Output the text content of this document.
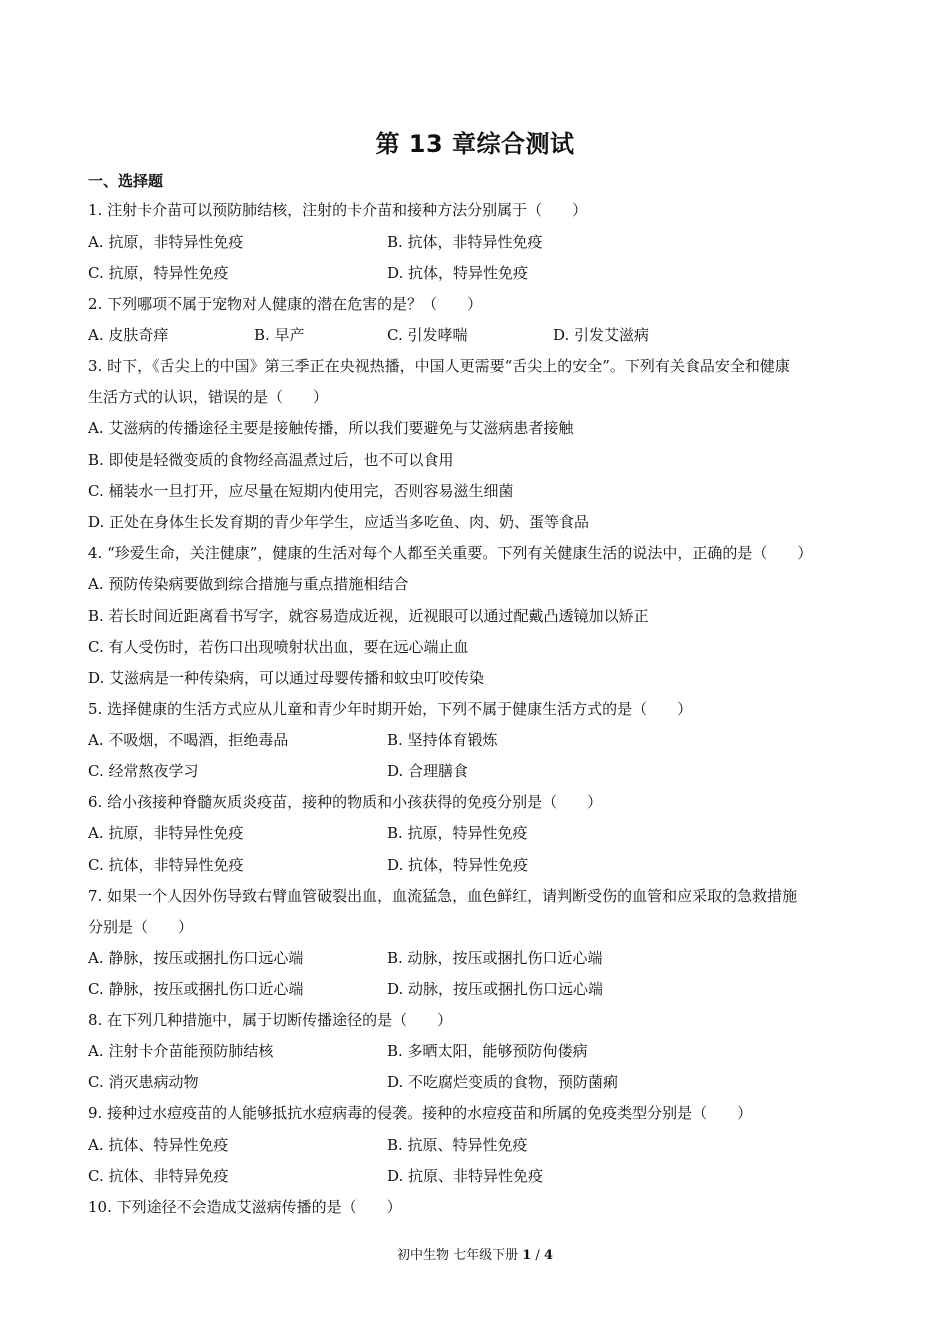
第 13 章综合测试
一、选择题
1. 注射卡介苗可以预防肺结核，注射的卡介苗和接种方法分别属于（　　）
A. 抗原，非特异性免疫	B. 抗体，非特异性免疫
C. 抗原，特异性免疫	D. 抗体，特异性免疫
2. 下列哪项不属于宠物对人健康的潜在危害的是？（　　）
A. 皮肤奇痒	B. 早产	C. 引发哮喘	D. 引发艾滋病
3. 时下，《舌尖上的中国》第三季正在央视热播，中国人更需要“舌尖上的安全”。下列有关食品安全和健康
生活方式的认识，错误的是（　　）
A. 艾滋病的传播途径主要是接触传播，所以我们要避免与艾滋病患者接触
B. 即使是轻微变质的食物经高温煮过后，也不可以食用
C. 桶装水一旦打开，应尽量在短期内使用完，否则容易滋生细菌
D. 正处在身体生长发育期的青少年学生，应适当多吃鱼、肉、奶、蛋等食品
4. “珍爱生命，关注健康”，健康的生活对每个人都至关重要。下列有关健康生活的说法中，正确的是（　　）
A. 预防传染病要做到综合措施与重点措施相结合
B. 若长时间近距离看书写字，就容易造成近视，近视眼可以通过配戴凸透镜加以矫正
C. 有人受伤时，若伤口出现喷射状出血，要在远心端止血
D. 艾滋病是一种传染病，可以通过母婴传播和蚊虫叮咬传染
5. 选择健康的生活方式应从儿童和青少年时期开始，下列不属于健康生活方式的是（　　）
A. 不吸烟，不喝酒，拒绝毒品	B. 坚持体育锻炼
C. 经常熬夜学习	D. 合理膳食
6. 给小孩接种脊髓灰质炎疫苗，接种的物质和小孩获得的免疫分别是（　　）
A. 抗原，非特异性免疫	B. 抗原，特异性免疫
C. 抗体，非特异性免疫	D. 抗体，特异性免疫
7. 如果一个人因外伤导致右臂血管破裂出血，血流猛急，血色鲜红，请判断受伤的血管和应采取的急救措施
分别是（　　）
A. 静脉，按压或捆扎伤口远心端	B. 动脉，按压或捆扎伤口近心端
C. 静脉，按压或捆扎伤口近心端	D. 动脉，按压或捆扎伤口远心端
8. 在下列几种措施中，属于切断传播途径的是（　　）
A. 注射卡介苗能预防肺结核	B. 多晒太阳，能够预防佝偻病
C. 消灭患病动物	D. 不吃腐烂变质的食物，预防菌痢
9. 接种过水痘疫苗的人能够抵抗水痘病毒的侵袭。接种的水痘疫苗和所属的免疫类型分别是（　　）
A. 抗体、特异性免疫	B. 抗原、特异性免疫
C. 抗体、非特异免疫	D. 抗原、非特异性免疫
10. 下列途径不会造成艾滋病传播的是（　　）
初中生物 七年级下册 1 / 4
